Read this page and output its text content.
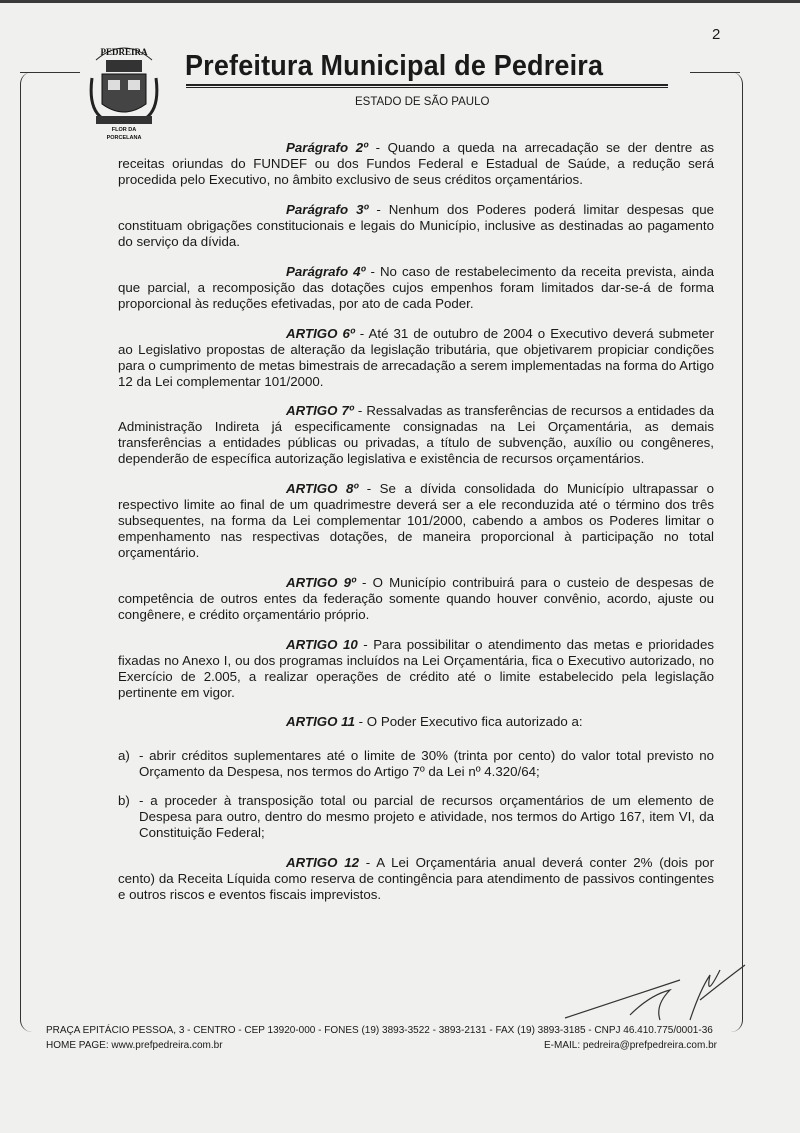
2
PEDREIRA
FLOR DA
PORCELANA
Prefeitura Municipal de Pedreira
ESTADO DE SÃO PAULO
Parágrafo 2º - Quando a queda na arrecadação se der dentre as receitas oriundas do FUNDEF ou dos Fundos Federal e Estadual de Saúde, a redução será procedida pelo Executivo, no âmbito exclusivo de seus créditos orçamentários.
Parágrafo 3º - Nenhum dos Poderes poderá limitar despesas que constituam obrigações constitucionais e legais do Município, inclusive as destinadas ao pagamento do serviço da dívida.
Parágrafo 4º - No caso de restabelecimento da receita prevista, ainda que parcial, a recomposição das dotações cujos empenhos foram limitados dar-se-á de forma proporcional às reduções efetivadas, por ato de cada Poder.
ARTIGO 6º - Até 31 de outubro de 2004 o Executivo deverá submeter ao Legislativo propostas de alteração da legislação tributária, que objetivarem propiciar condições para o cumprimento de metas bimestrais de arrecadação a serem implementadas na forma do Artigo 12 da Lei complementar 101/2000.
ARTIGO 7º - Ressalvadas as transferências de recursos a entidades da Administração Indireta já especificamente consignadas na Lei Orçamentária, as demais transferências a entidades públicas ou privadas, a título de subvenção, auxílio ou congêneres, dependerão de específica autorização legislativa e existência de recursos orçamentários.
ARTIGO 8º - Se a dívida consolidada do Município ultrapassar o respectivo limite ao final de um quadrimestre deverá ser a ele reconduzida até o término dos três subsequentes, na forma da Lei complementar 101/2000, cabendo a ambos os Poderes limitar o empenhamento nas respectivas dotações, de maneira proporcional à participação no total orçamentário.
ARTIGO 9º - O Município contribuirá para o custeio de despesas de competência de outros entes da federação somente quando houver convênio, acordo, ajuste ou congênere, e crédito orçamentário próprio.
ARTIGO 10 - Para possibilitar o atendimento das metas e prioridades fixadas no Anexo I, ou dos programas incluídos na Lei Orçamentária, fica o Executivo autorizado, no Exercício de 2.005, a realizar operações de crédito até o limite estabelecido pela legislação pertinente em vigor.
ARTIGO 11 - O Poder Executivo fica autorizado a:
a) - abrir créditos suplementares até o limite de 30% (trinta por cento) do valor total previsto no Orçamento da Despesa, nos termos do Artigo 7º da Lei nº 4.320/64;
b) - a proceder à transposição total ou parcial de recursos orçamentários de um elemento de Despesa para outro, dentro do mesmo projeto e atividade, nos termos do Artigo 167, item VI, da Constituição Federal;
ARTIGO 12 - A Lei Orçamentária anual deverá conter 2% (dois por cento) da Receita Líquida como reserva de contingência para atendimento de passivos contingentes e outros riscos e eventos fiscais imprevistos.
PRAÇA EPITÁCIO PESSOA, 3 - CENTRO - CEP 13920-000 - FONES (19) 3893-3522 - 3893-2131 - FAX (19) 3893-3185 - CNPJ 46.410.775/0001-36
HOME PAGE: www.prefpedreira.com.br	E-MAIL: pedreira@prefpedreira.com.br
